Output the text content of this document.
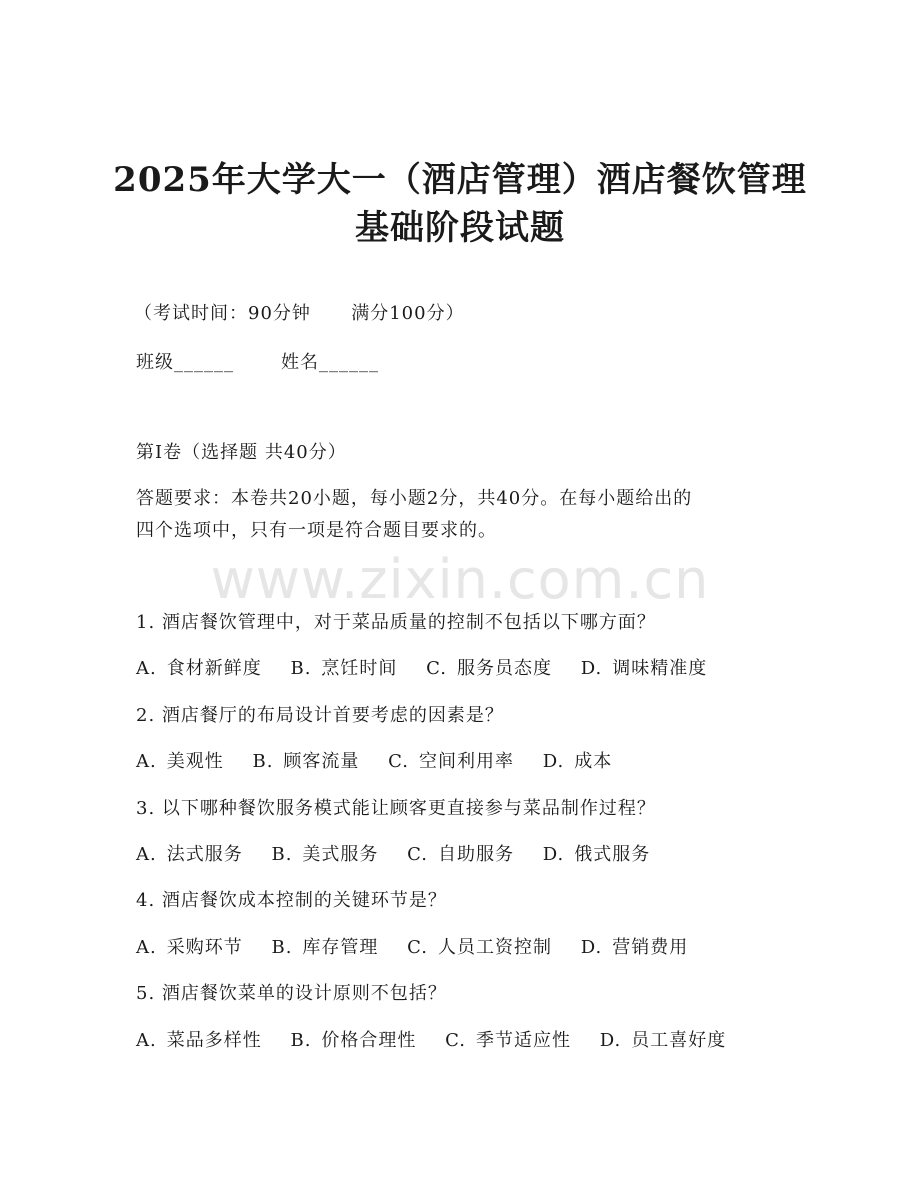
2025年大学大一（酒店管理）酒店餐饮管理
基础阶段试题
（考试时间：90分钟      满分100分）
班级______       姓名______
第I卷（选择题 共40分）
答题要求：本卷共20小题，每小题2分，共40分。在每小题给出的
四个选项中，只有一项是符合题目要求的。
www.zixin.com.cn
1. 酒店餐饮管理中，对于菜品质量的控制不包括以下哪方面？
A. 食材新鲜度 B. 烹饪时间 C. 服务员态度 D. 调味精准度
2. 酒店餐厅的布局设计首要考虑的因素是？
A. 美观性 B. 顾客流量 C. 空间利用率 D. 成本
3. 以下哪种餐饮服务模式能让顾客更直接参与菜品制作过程？
A. 法式服务 B. 美式服务 C. 自助服务 D. 俄式服务
4. 酒店餐饮成本控制的关键环节是？
A. 采购环节 B. 库存管理 C. 人员工资控制 D. 营销费用
5. 酒店餐饮菜单的设计原则不包括？
A. 菜品多样性 B. 价格合理性 C. 季节适应性 D. 员工喜好度
